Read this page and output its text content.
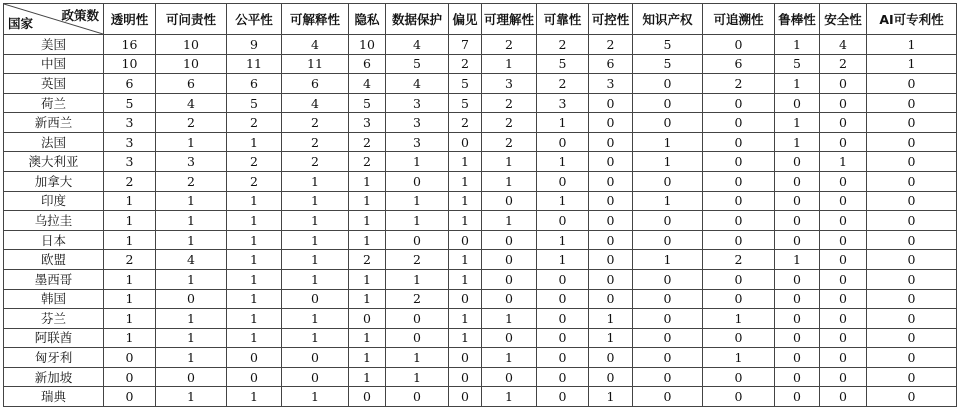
政策数
国家	透明性	可问责性	公平性	可解释性	隐私	数据保护	偏见	可理解性	可靠性	可控性	知识产权	可追溯性	鲁棒性	安全性	AI可专利性
美国	16	10	9	4	10	4	7	2	2	2	5	0	1	4	1
中国	10	10	11	11	6	5	2	1	5	6	5	6	5	2	1
英国	6	6	6	6	4	4	5	3	2	3	0	2	1	0	0
荷兰	5	4	5	4	5	3	5	2	3	0	0	0	0	0	0
新西兰	3	2	2	2	3	3	2	2	1	0	0	0	1	0	0
法国	3	1	1	2	2	3	0	2	0	0	1	0	1	0	0
澳大利亚	3	3	2	2	2	1	1	1	1	0	1	0	0	1	0
加拿大	2	2	2	1	1	0	1	1	0	0	0	0	0	0	0
印度	1	1	1	1	1	1	1	0	1	0	1	0	0	0	0
乌拉圭	1	1	1	1	1	1	1	1	0	0	0	0	0	0	0
日本	1	1	1	1	1	0	0	0	1	0	0	0	0	0	0
欧盟	2	4	1	1	2	2	1	0	1	0	1	2	1	0	0
墨西哥	1	1	1	1	1	1	1	0	0	0	0	0	0	0	0
韩国	1	0	1	0	1	2	0	0	0	0	0	0	0	0	0
芬兰	1	1	1	1	0	0	1	1	0	1	0	1	0	0	0
阿联酋	1	1	1	1	1	0	1	0	0	1	0	0	0	0	0
匈牙利	0	1	0	0	1	1	0	1	0	0	0	1	0	0	0
新加坡	0	0	0	0	1	1	0	0	0	0	0	0	0	0	0
瑞典	0	1	1	1	0	0	0	1	0	1	0	0	0	0	0
